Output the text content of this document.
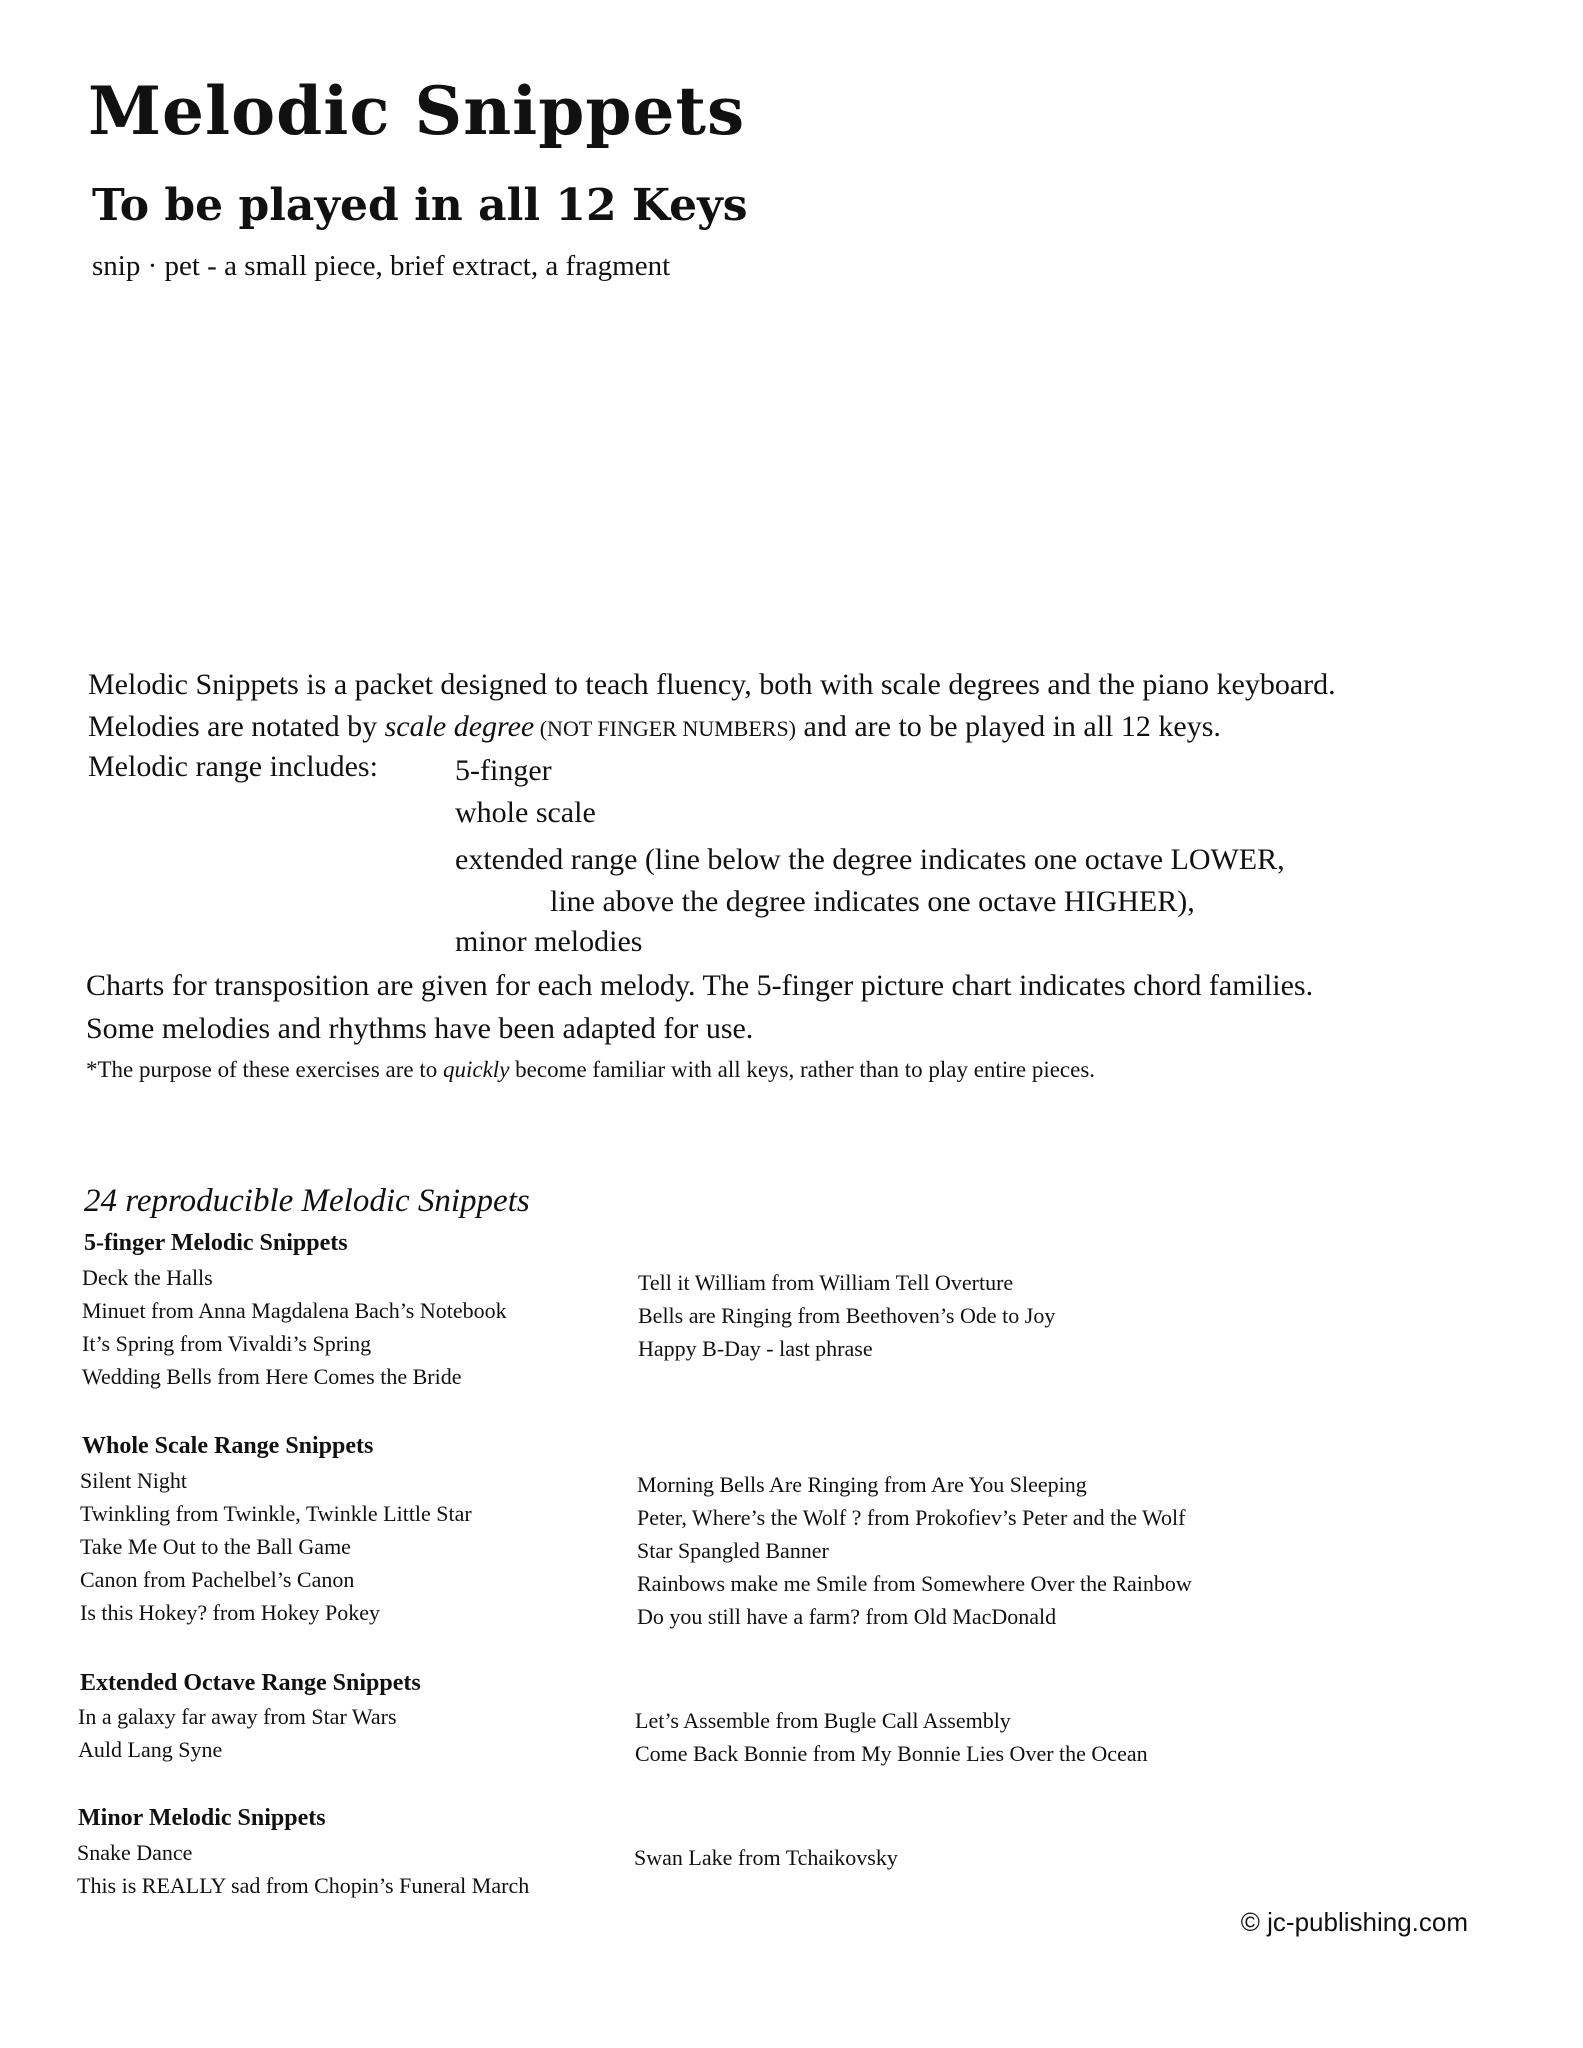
Melodic Snippets
To be played in all 12 Keys
snip · pet - a small piece, brief extract, a fragment
Melodic Snippets is a packet designed to teach fluency, both with scale degrees and the piano keyboard.
Melodies are notated by scale degree (NOT FINGER NUMBERS) and are to be played in all 12 keys.
Melodic range includes:	5-finger
whole scale
extended range (line below the degree indicates one octave LOWER,
line above the degree indicates one octave HIGHER),
minor melodies
Charts for transposition are given for each melody. The 5-finger picture chart indicates chord families.
Some melodies and rhythms have been adapted for use.
*The purpose of these exercises are to quickly become familiar with all keys, rather than to play entire pieces.
24 reproducible Melodic Snippets
5-finger Melodic Snippets
Deck the Halls
Minuet from Anna Magdalena Bach’s Notebook
It’s Spring from Vivaldi’s Spring
Wedding Bells from Here Comes the Bride
Tell it William from William Tell Overture
Bells are Ringing from Beethoven’s Ode to Joy
Happy B-Day - last phrase
Whole Scale Range Snippets
Silent Night
Twinkling from Twinkle, Twinkle Little Star
Take Me Out to the Ball Game
Canon from Pachelbel’s Canon
Is this Hokey? from Hokey Pokey
Morning Bells Are Ringing from Are You Sleeping
Peter, Where’s the Wolf ? from Prokofiev’s Peter and the Wolf
Star Spangled Banner
Rainbows make me Smile from Somewhere Over the Rainbow
Do you still have a farm? from Old MacDonald
Extended Octave Range Snippets
In a galaxy far away from Star Wars
Auld Lang Syne
Let’s Assemble from Bugle Call Assembly
Come Back Bonnie from My Bonnie Lies Over the Ocean
Minor Melodic Snippets
Snake Dance
This is REALLY sad from Chopin’s Funeral March
Swan Lake from Tchaikovsky
© jc-publishing.com
